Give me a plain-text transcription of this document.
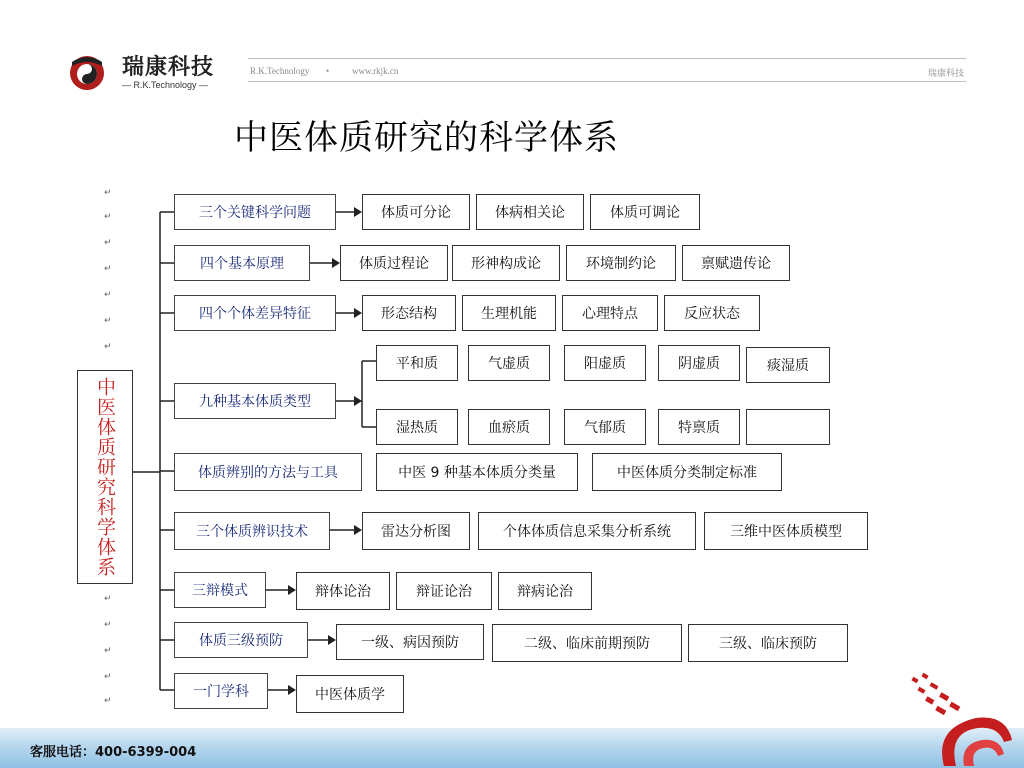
瑞康科技
— R.K.Technology —
R.K.Technology •	www.rkjk.cn	瑞康科技
中医体质研究的科学体系
中医体质研究科学体系
↵
↵
↵
↵
↵
↵
↵
↵
↵
↵
↵
↵
三个关键科学问题	体质可分论	体病相关论	体质可调论
四个基本原理	体质过程论	形神构成论	环境制约论	禀赋遗传论
四个个体差异特征	形态结构	生理机能	心理特点	反应状态
九种基本体质类型
平和质	气虚质	阳虚质	阴虚质	痰湿质
湿热质	血瘀质	气郁质	特禀质
体质辨别的方法与工具	中医 9 种基本体质分类量	中医体质分类制定标准
三个体质辨识技术	雷达分析图	个体体质信息采集分析系统	三维中医体质模型
三辩模式	辩体论治	辩证论治	辩病论治
体质三级预防	一级、病因预防	二级、临床前期预防	三级、临床预防
一门学科	中医体质学
客服电话：400-6399-004
